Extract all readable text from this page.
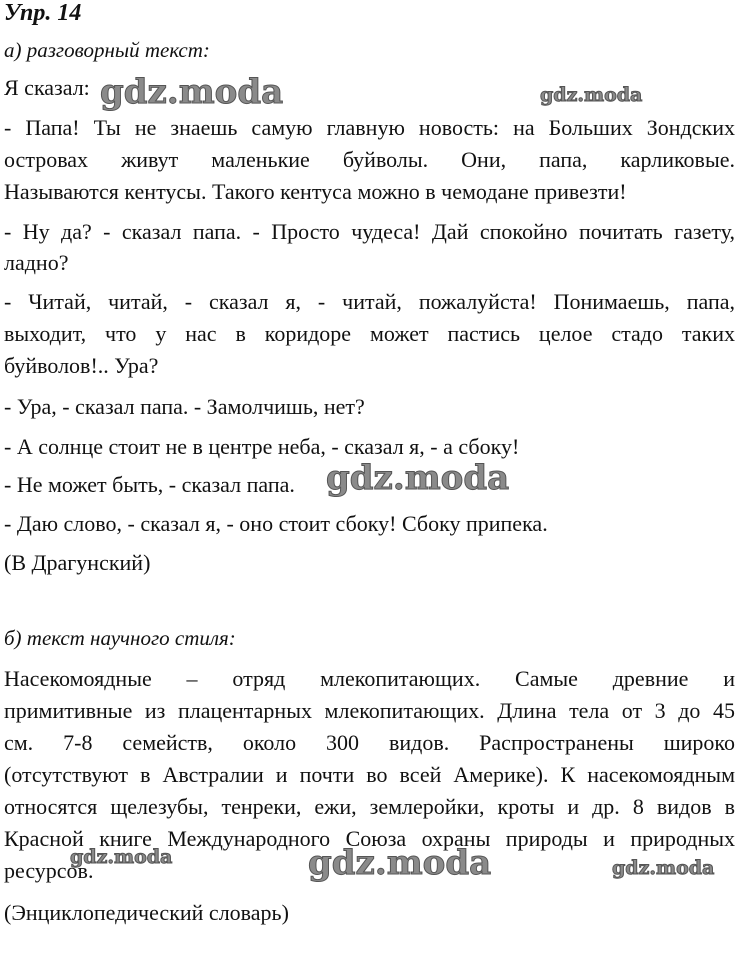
Упр. 14
а) разговорный текст:
Я сказал:
- Папа! Ты не знаешь самую главную новость: на Больших Зондских
островах живут маленькие буйволы. Они, папа, карликовые.
Называются кентусы. Такого кентуса можно в чемодане привезти!
- Ну да? - сказал папа. - Просто чудеса! Дай спокойно почитать газету,
ладно?
- Читай, читай, - сказал я, - читай, пожалуйста! Понимаешь, папа,
выходит, что у нас в коридоре может пастись целое стадо таких
буйволов!.. Ура?
- Ура, - сказал папа. - Замолчишь, нет?
- А солнце стоит не в центре неба, - сказал я, - а сбоку!
- Не может быть, - сказал папа.
- Даю слово, - сказал я, - оно стоит сбоку! Сбоку припека.
(В Драгунский)
б) текст научного стиля:
Насекомоядные – отряд млекопитающих. Самые древние и
примитивные из плацентарных млекопитающих. Длина тела от 3 до 45
см. 7-8 семейств, около 300 видов. Распространены широко
(отсутствуют в Австралии и почти во всей Америке). К насекомоядным
относятся щелезубы, тенреки, ежи, землеройки, кроты и др. 8 видов в
Красной книге Международного Союза охраны природы и природных
ресурсов.
(Энциклопедический словарь)
gdz.moda	gdz.moda
gdz.moda
gdz.moda	gdz.moda	gdz.moda
